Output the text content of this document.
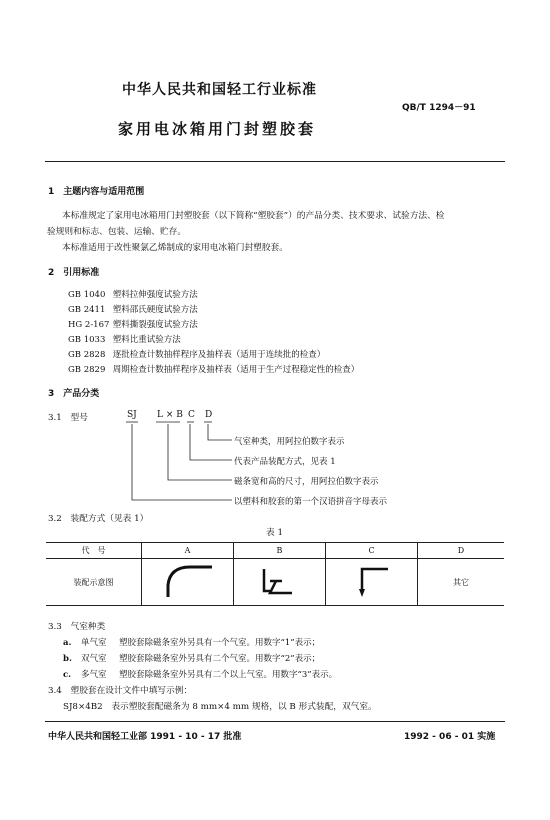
中华人民共和国轻工行业标准
QB/T 1294－91
家用电冰箱用门封塑胶套
1　主题内容与适用范围
本标准规定了家用电冰箱用门封塑胶套（以下简称“塑胶套”）的产品分类、技术要求、试验方法、检
验规则和标志、包装、运输、贮存。
本标准适用于改性聚氯乙烯制成的家用电冰箱门封塑胶套。
2　引用标准
GB 1040 塑料拉伸强度试验方法
GB 2411 塑料邵氏硬度试验方法
HG 2-167 塑料撕裂强度试验方法
GB 1033 塑料比重试验方法
GB 2828 逐批检查计数抽样程序及抽样表（适用于连续批的检查）
GB 2829 周期检查计数抽样程序及抽样表（适用于生产过程稳定性的检查）
3　产品分类
3.1　型号	SJ L × B C D
气室种类，用阿拉伯数字表示
代表产品装配方式，见表 1
磁条宽和高的尺寸，用阿拉伯数字表示
以塑料和胶套的第一个汉语拼音字母表示
3.2　装配方式（见表 1）
表 1
代　号	A	B	C	D
装配示意图				其它
3.3　气室种类
a. 单气室 塑胶套除磁条室外另具有一个气室。用数字“1”表示；
b. 双气室 塑胶套除磁条室外另具有二个气室。用数字“2”表示；
c. 多气室 塑胶套除磁条室外另具有二个以上气室。用数字“3”表示。
3.4　塑胶套在设计文件中填写示例：
SJ8×4B2　表示塑胶套配磁条为 8 mm×4 mm 规格，以 B 形式装配，双气室。
中华人民共和国轻工业部 1991 - 10 - 17 批准	1992 - 06 - 01 实施
